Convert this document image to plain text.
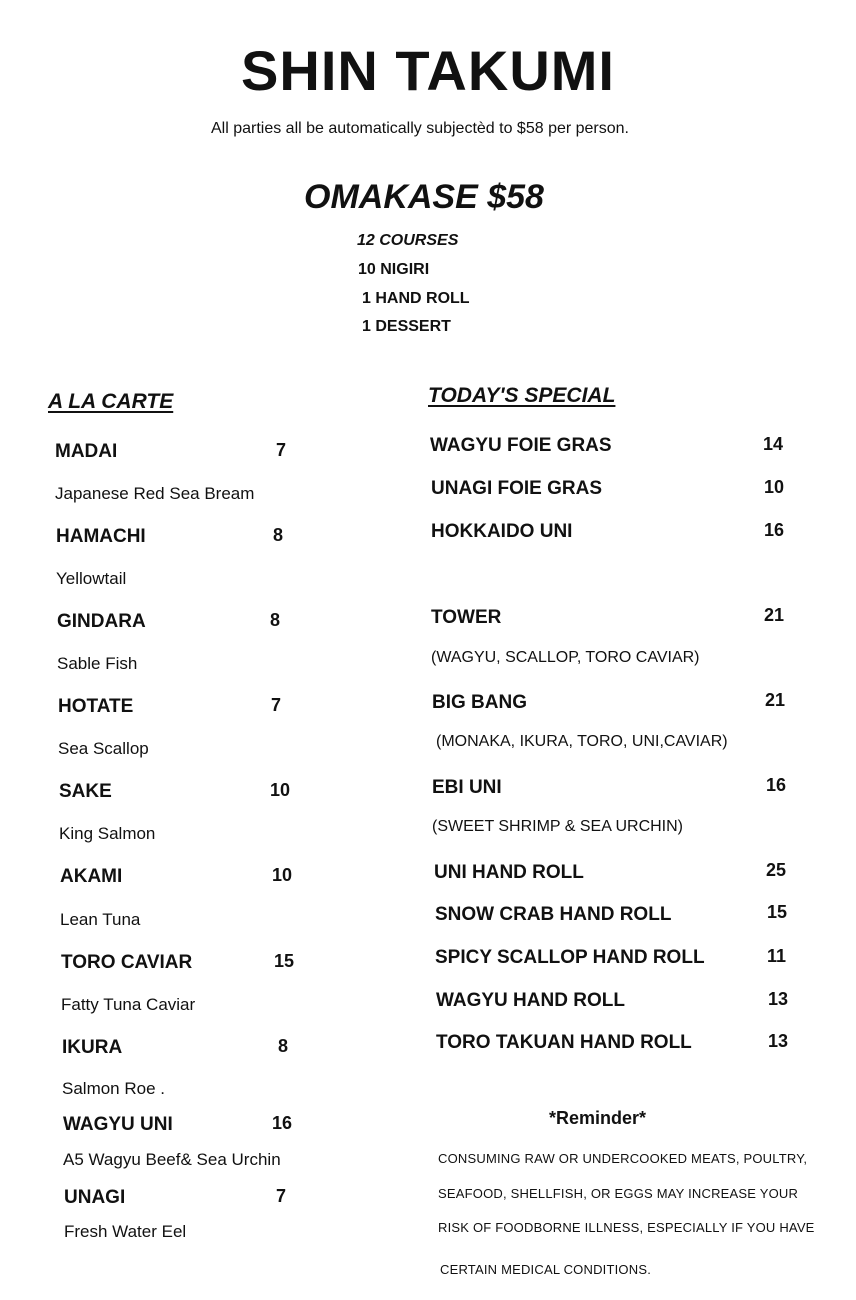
SHIN TAKUMI
All parties all be automatically subjectèd to $58 per person.
OMAKASE $58
12 COURSES
10 NIGIRI
1 HAND ROLL
1 DESSERT
A LA CARTE
MADAI	7
Japanese Red Sea Bream
HAMACHI	8
Yellowtail
GINDARA	8
Sable Fish
HOTATE	7
Sea Scallop
SAKE	10
King Salmon
AKAMI	10
Lean Tuna
TORO CAVIAR	15
Fatty Tuna Caviar
IKURA	8
Salmon Roe .
WAGYU UNI	16
A5 Wagyu Beef& Sea Urchin
UNAGI	7
Fresh Water Eel
TODAY'S SPECIAL
WAGYU FOIE GRAS	14
UNAGI FOIE GRAS	10
HOKKAIDO UNI	16
TOWER	21
(WAGYU, SCALLOP, TORO CAVIAR)
BIG BANG	21
(MONAKA, IKURA, TORO, UNI,CAVIAR)
EBI UNI	16
(SWEET SHRIMP & SEA URCHIN)
UNI HAND ROLL	25
SNOW CRAB HAND ROLL	15
SPICY SCALLOP HAND ROLL	11
WAGYU HAND ROLL	13
TORO TAKUAN HAND ROLL	13
*Reminder*
CONSUMING RAW OR UNDERCOOKED MEATS, POULTRY,
SEAFOOD, SHELLFISH, OR EGGS MAY INCREASE YOUR
RISK OF FOODBORNE ILLNESS, ESPECIALLY IF YOU HAVE
CERTAIN MEDICAL CONDITIONS.
